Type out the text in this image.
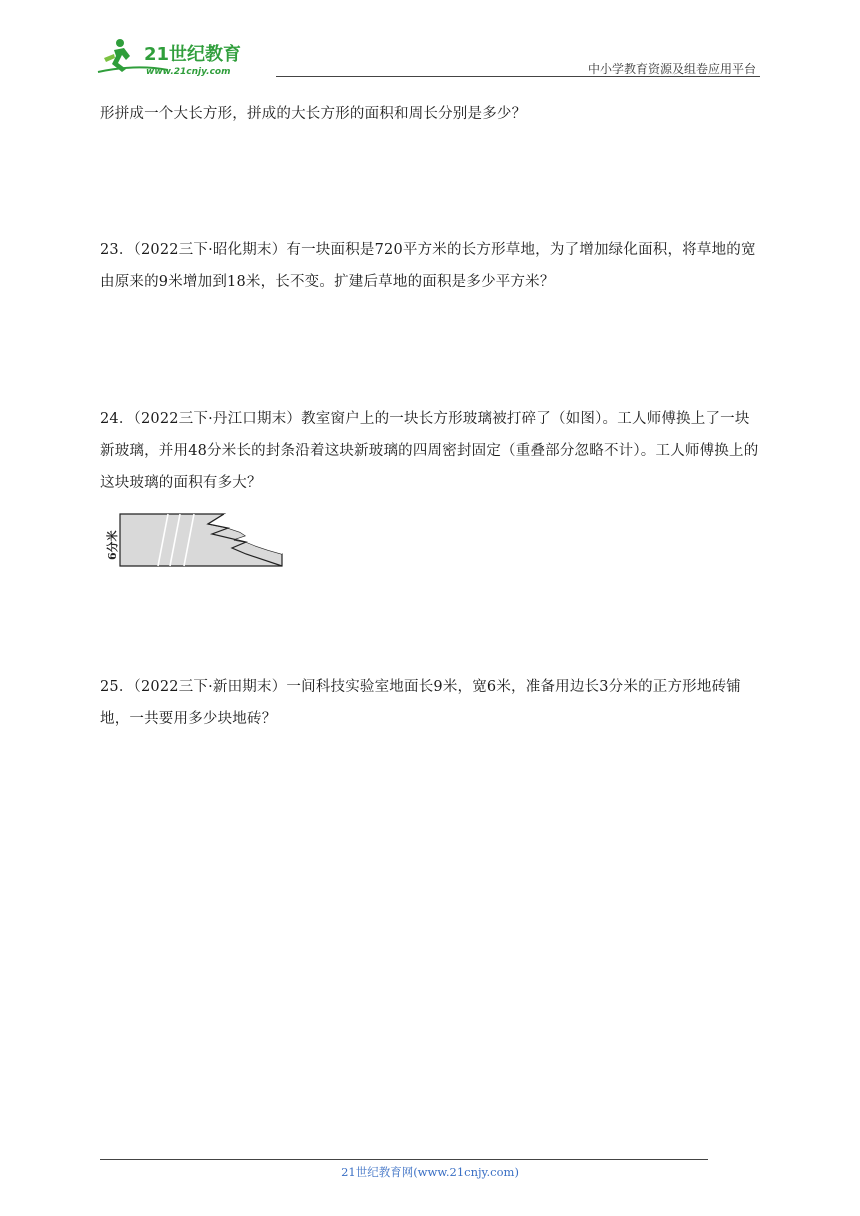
21世纪教育
www.21cnjy.com	中小学教育资源及组卷应用平台
形拼成一个大长方形，拼成的大长方形的面积和周长分别是多少？
23．（2022三下·昭化期末）有一块面积是720平方米的长方形草地，为了增加绿化面积，将草地的宽由原来的9米增加到18米，长不变。扩建后草地的面积是多少平方米？
24．（2022三下·丹江口期末）教室窗户上的一块长方形玻璃被打碎了（如图）。工人师傅换上了一块新玻璃，并用48分米长的封条沿着这块新玻璃的四周密封固定（重叠部分忽略不计）。工人师傅换上的这块玻璃的面积有多大？
6分米
25．（2022三下·新田期末）一间科技实验室地面长9米，宽6米，准备用边长3分米的正方形地砖铺地，一共要用多少块地砖？
21世纪教育网(www.21cnjy.com)
